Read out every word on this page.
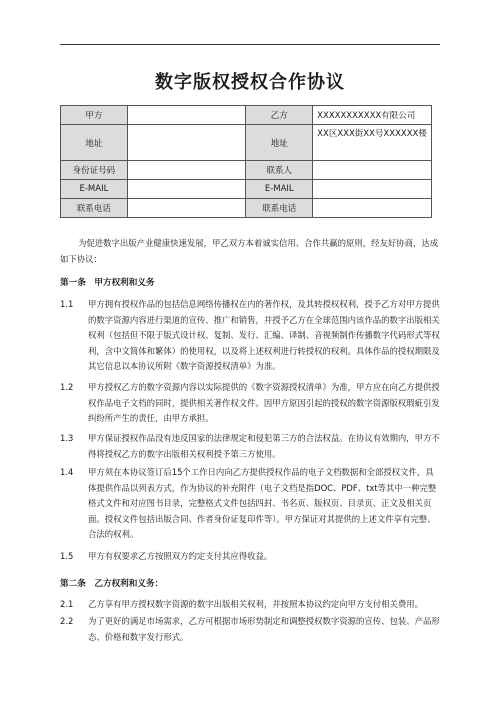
数字版权授权合作协议
甲方		乙方	XXXXXXXXXXX有限公司
地址		地址	XX区XXX街XX号XXXXXX楼
身份证号码		联系人	
E-MAIL		E-MAIL	
联系电话		联系电话	
为促进数字出版产业健康快速发展，甲乙双方本着诚实信用、合作共赢的原则，经友好协商，达成如下协议：
第一条　甲方权利和义务
1.1 甲方拥有授权作品的包括信息网络传播权在内的著作权，及其转授权权利，授予乙方对甲方提供的数字资源内容进行渠道的宣传、推广和销售，并授予乙方在全球范围内该作品的数字出版相关权利（包括但不限于版式设计权、复制、发行、汇编、译制、音视频制作传播数字代码形式等权利，含中文简体和繁体）的使用权，以及将上述权利进行转授权的权利。具体作品的授权期限及其它信息以本协议所附《数字资源授权清单》为准。
1.2 甲方授权乙方的数字资源内容以实际提供的《数字资源授权清单》为准，甲方应在向乙方提供授权作品电子文档的同时，提供相关著作权文件。因甲方原因引起的授权的数字资源版权瑕疵引发纠纷所产生的责任，由甲方承担。
1.3 甲方保证授权作品没有违反国家的法律规定和侵犯第三方的合法权益。在协议有效期内，甲方不得将授权乙方的数字出版相关权利授予第三方使用。
1.4 甲方须在本协议签订后15个工作日内向乙方提供授权作品的电子文档数据和全部授权文件，具体提供作品以列表方式，作为协议的补充附件（电子文档是指DOC、PDF、txt等其中一种完整格式文件和对应图书目录，完整格式文件包括四封、书名页、版权页、目录页、正文及相关页面。授权文件包括出版合同、作者身份证复印件等）。甲方保证对其提供的上述文件享有完整、合法的权利。
1.5 甲方有权要求乙方按照双方约定支付其应得收益。
第二条　乙方权利和义务：
2.1 乙方享有甲方授权数字资源的数字出版相关权利，并按照本协议约定向甲方支付相关费用。
2.2 为了更好的满足市场需求，乙方可根据市场形势制定和调整授权数字资源的宣传、包装、产品形态、价格和数字发行形式。
